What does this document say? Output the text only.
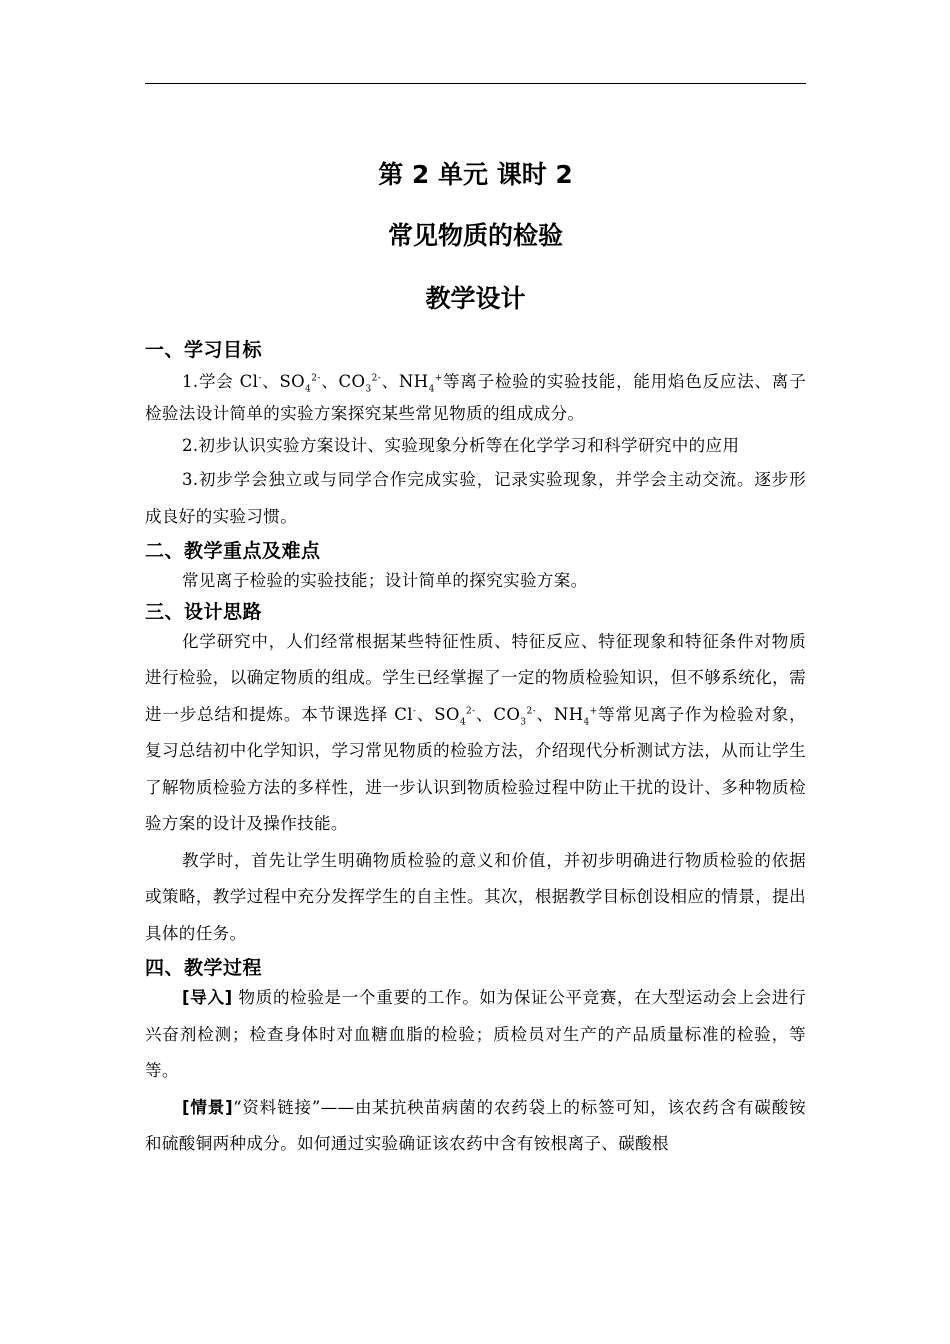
第 2 单元 课时 2

常见物质的检验

教学设计

一、学习目标

1.学会 Cl-、$SO_4^{2-}$、$CO_3^{2-}$、$NH_4^+$等离子检验的实验技能，能用焰色反应法、离子检验法设计简单的实验方案探究某些常见物质的组成成分。

2.初步认识实验方案设计、实验现象分析等在化学学习和科学研究中的应用

3.初步学会独立或与同学合作完成实验，记录实验现象，并学会主动交流。逐步形成良好的实验习惯。

二、教学重点及难点

常见离子检验的实验技能；设计简单的探究实验方案。

三、设计思路

化学研究中，人们经常根据某些特征性质、特征反应、特征现象和特征条件对物质进行检验，以确定物质的组成。学生已经掌握了一定的物质检验知识，但不够系统化，需进一步总结和提炼。本节课选择 Cl-、$SO_4^{2-}$、$CO_3^{2-}$、$NH_4^+$等常见离子作为检验对象，复习总结初中化学知识，学习常见物质的检验方法，介绍现代分析测试方法，从而让学生了解物质检验方法的多样性，进一步认识到物质检验过程中防止干扰的设计、多种物质检验方案的设计及操作技能。

教学时，首先让学生明确物质检验的意义和价值，并初步明确进行物质检验的依据或策略，教学过程中充分发挥学生的自主性。其次，根据教学目标创设相应的情景，提出具体的任务。

四、教学过程

[导入] 物质的检验是一个重要的工作。如为保证公平竞赛，在大型运动会上会进行兴奋剂检测；检查身体时对血糖血脂的检验；质检员对生产的产品质量标准的检验，等等。

[情景]“资料链接”——由某抗秧苗病菌的农药袋上的标签可知，该农药含有碳酸铵和硫酸铜两种成分。如何通过实验确证该农药中含有铵根离子、碳酸根
